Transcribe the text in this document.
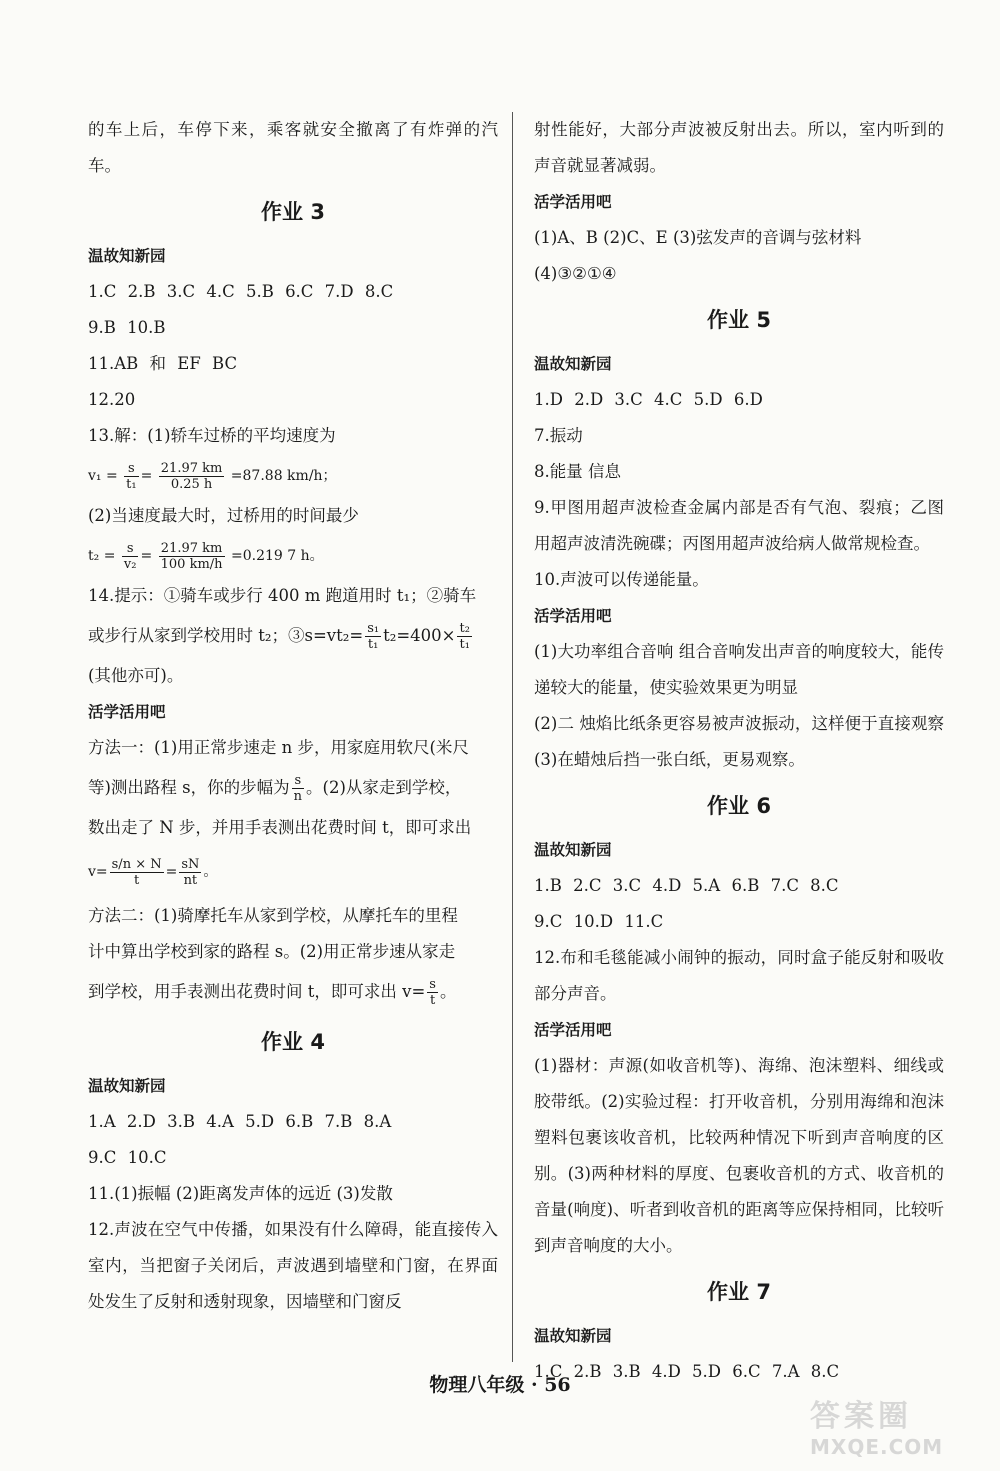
的车上后，车停下来，乘客就安全撤离了有炸弹的汽车。

作业 3

温故知新园

1.C 2.B 3.C 4.C 5.B 6.C 7.D 8.C

9.B 10.B

11.AB 和 EF BC

12.20

13.解：(1)轿车过桥的平均速度为

$v_1 = \frac{s}{\text{t₁}} = \frac{21.97 km}{0.25 h} =87.88$ km/h；

(2)当速度最大时，过桥用的时间最少

$t_2 = \frac{s}{\text{v₂}} = \frac{21.97 km}{100 km/h} =0.219$ 7 h。

14.提示：①骑车或步行 400 m 跑道用时 t₁；②骑车

或步行从家到学校用时 t₂；③s=vt₂= $\frac{\text{s₁}}{\text{t₁}} t_2=400\times \frac{\text{t₂}}{\text{t₁}}$

(其他亦可)。

活学活用吧

方法一：(1)用正常步速走 n 步，用家庭用软尺(米尺

等)测出路程 s，你的步幅为 $\frac{s}{n}$ 。(2)从家走到学校，

数出走了 N 步，并用手表测出花费时间 t，即可求出

$v= \frac{s/n \times N}{t} = \frac{sN}{nt}$ 。

方法二：(1)骑摩托车从家到学校，从摩托车的里程

计中算出学校到家的路程 s。(2)用正常步速从家走

到学校，用手表测出花费时间 t，即可求出 $v= \frac{s}{t}$ 。

作业 4

温故知新园

1.A 2.D 3.B 4.A 5.D 6.B 7.B 8.A

9.C 10.C

11.(1)振幅 (2)距离发声体的远近 (3)发散

12.声波在空气中传播，如果没有什么障碍，能直接传入室内，当把窗子关闭后，声波遇到墙壁和门窗，在界面处发生了反射和透射现象，因墙壁和门窗反

射性能好，大部分声波被反射出去。所以，室内听到的声音就显著减弱。

活学活用吧

(1)A、B (2)C、E (3)弦发声的音调与弦材料

(4)③②①④

作业 5

温故知新园

1.D 2.D 3.C 4.C 5.D 6.D

7.振动

8.能量 信息

9.甲图用超声波检查金属内部是否有气泡、裂痕；乙图用超声波清洗碗碟；丙图用超声波给病人做常规检查。

10.声波可以传递能量。

活学活用吧

(1)大功率组合音响 组合音响发出声音的响度较大，能传递较大的能量，使实验效果更为明显

(2)二 烛焰比纸条更容易被声波振动，这样便于直接观察 (3)在蜡烛后挡一张白纸，更易观察。

作业 6

温故知新园

1.B 2.C 3.C 4.D 5.A 6.B 7.C 8.C

9.C 10.D 11.C

12.布和毛毯能减小闹钟的振动，同时盒子能反射和吸收部分声音。

活学活用吧

(1)器材：声源(如收音机等)、海绵、泡沫塑料、细线或胶带纸。(2)实验过程：打开收音机，分别用海绵和泡沫塑料包裹该收音机，比较两种情况下听到声音响度的区别。(3)两种材料的厚度、包裹收音机的方式、收音机的音量(响度)、听者到收音机的距离等应保持相同，比较听到声音响度的大小。

作业 7

温故知新园

1.C 2.B 3.B 4.D 5.D 6.C 7.A 8.C

物理八年级 · 56
答案圈
MXQE.COM
